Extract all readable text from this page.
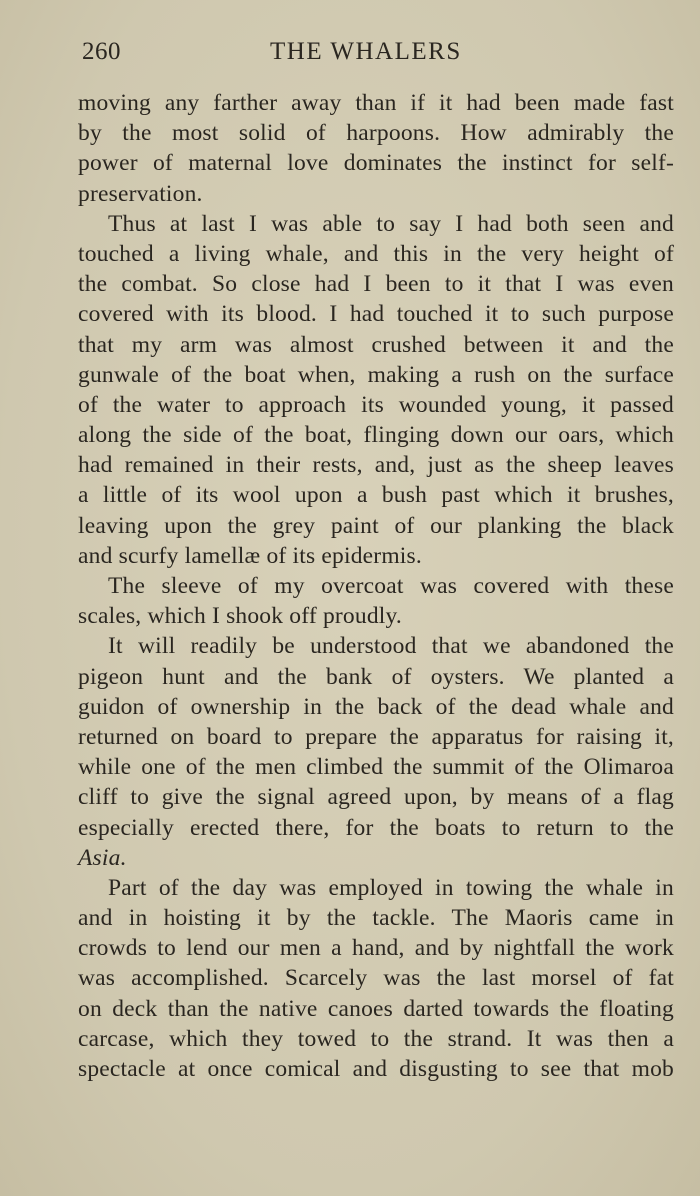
260	THE WHALERS
moving any farther away than if it had been made fast
by the most solid of harpoons. How admirably the
power of maternal love dominates the instinct for self-
preservation.
Thus at last I was able to say I had both seen and
touched a living whale, and this in the very height of
the combat. So close had I been to it that I was even
covered with its blood. I had touched it to such purpose
that my arm was almost crushed between it and the
gunwale of the boat when, making a rush on the surface
of the water to approach its wounded young, it passed
along the side of the boat, flinging down our oars, which
had remained in their rests, and, just as the sheep leaves
a little of its wool upon a bush past which it brushes,
leaving upon the grey paint of our planking the black
and scurfy lamellæ of its epidermis.
The sleeve of my overcoat was covered with these
scales, which I shook off proudly.
It will readily be understood that we abandoned the
pigeon hunt and the bank of oysters. We planted a
guidon of ownership in the back of the dead whale and
returned on board to prepare the apparatus for raising it,
while one of the men climbed the summit of the Olimaroa
cliff to give the signal agreed upon, by means of a flag
especially erected there, for the boats to return to the
Asia.
Part of the day was employed in towing the whale in
and in hoisting it by the tackle. The Maoris came in
crowds to lend our men a hand, and by nightfall the work
was accomplished. Scarcely was the last morsel of fat
on deck than the native canoes darted towards the floating
carcase, which they towed to the strand. It was then a
spectacle at once comical and disgusting to see that mob
